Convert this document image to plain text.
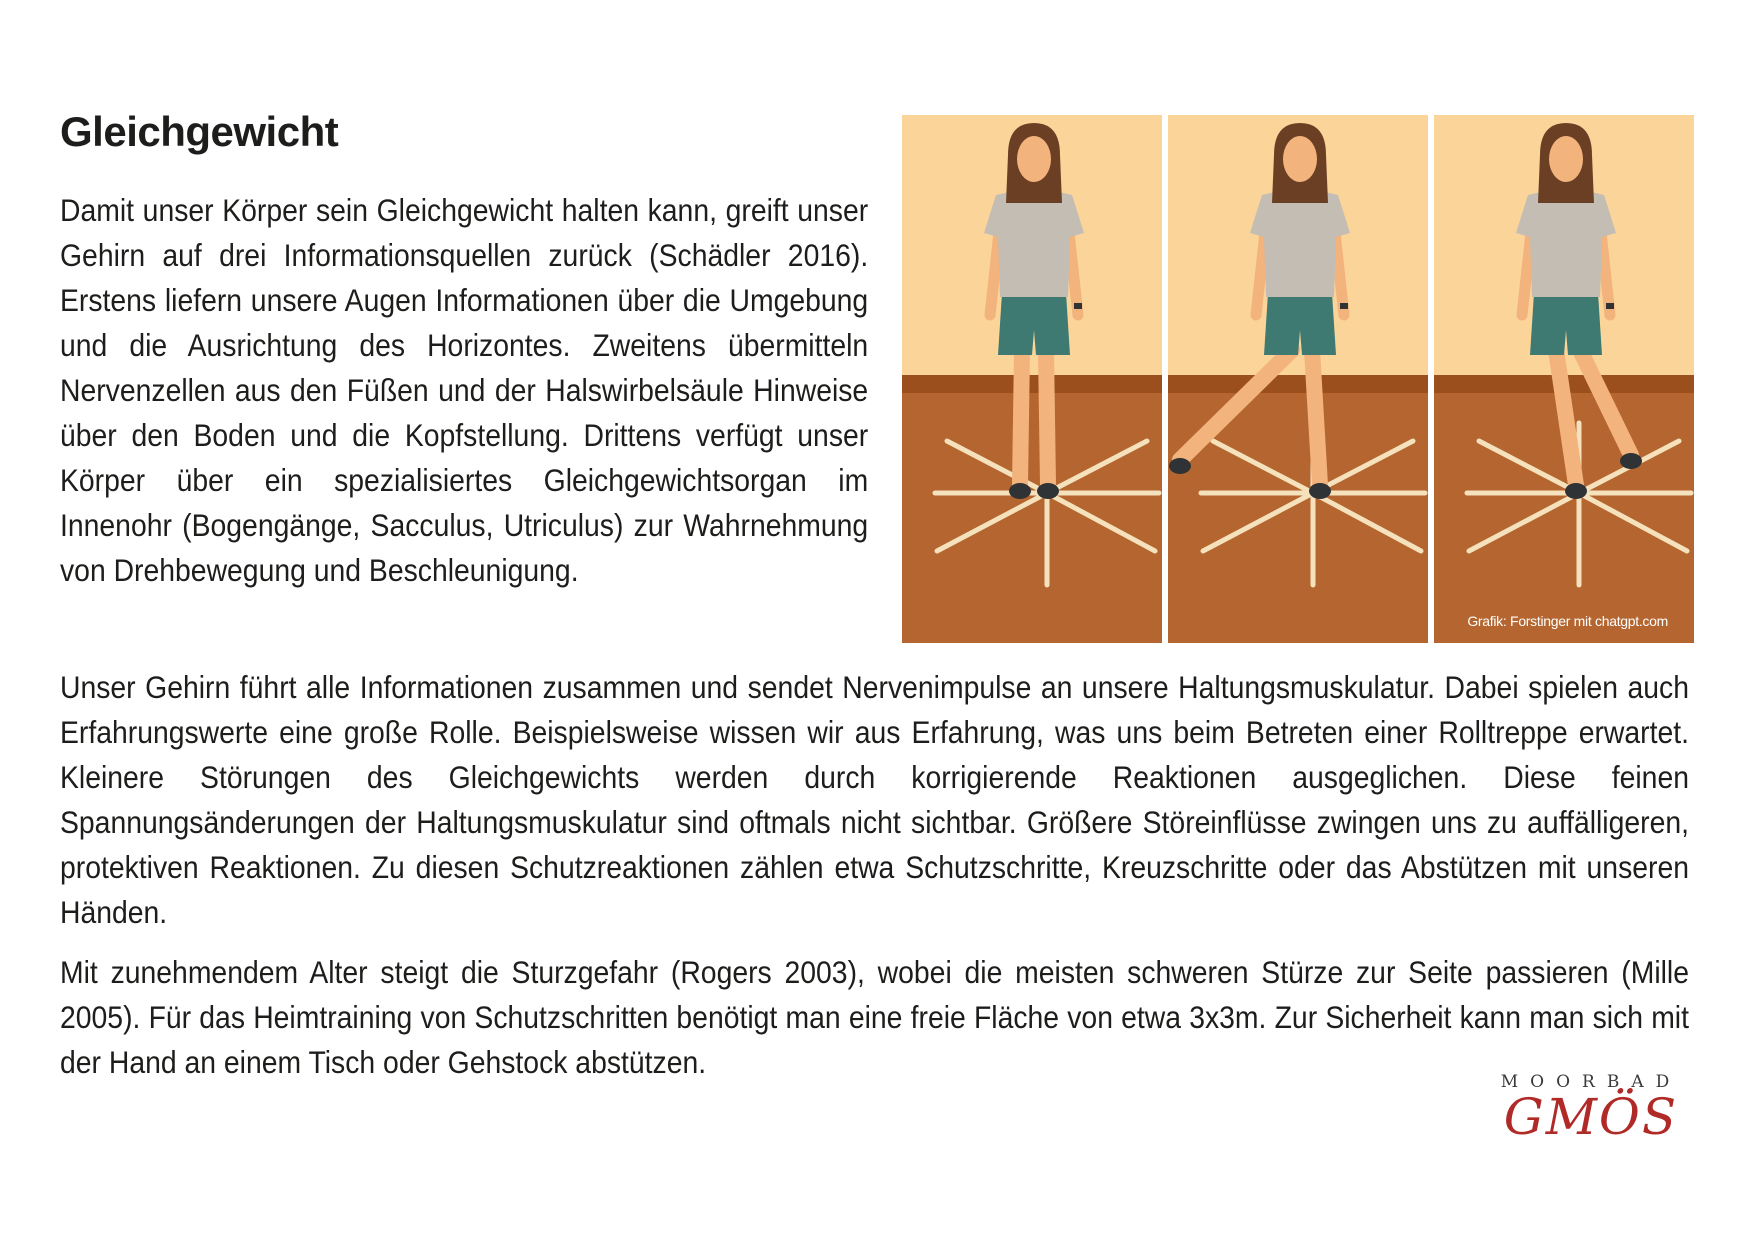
Gleichgewicht

Damit unser Körper sein Gleichgewicht halten kann, greift unser Gehirn auf drei Informationsquellen zurück (Schädler 2016). Erstens liefern unsere Augen Informationen über die Umgebung und die Ausrichtung des Horizontes. Zweitens übermitteln Nervenzellen aus den Füßen und der Halswirbelsäule Hinweise über den Boden und die Kopfstellung. Drittens verfügt unser Körper über ein spezialisiertes Gleichgewichtsorgan im Innenohr (Bogengänge, Sacculus, Utriculus) zur Wahrnehmung von Drehbewegung und Beschleunigung.

Grafik: Forstinger mit chatgpt.com

Unser Gehirn führt alle Informationen zusammen und sendet Nervenimpulse an unsere Haltungsmuskulatur. Dabei spielen auch Erfahrungswerte eine große Rolle. Beispielsweise wissen wir aus Erfahrung, was uns beim Betreten einer Rolltreppe erwartet. Kleinere Störungen des Gleichgewichts werden durch korrigierende Reaktionen ausgeglichen. Diese feinen Spannungsänderungen der Haltungsmuskulatur sind oftmals nicht sichtbar. Größere Störeinflüsse zwingen uns zu auffälligeren, protektiven Reaktionen. Zu diesen Schutzreaktionen zählen etwa Schutzschritte, Kreuzschritte oder das Abstützen mit unseren Händen.

Mit zunehmendem Alter steigt die Sturzgefahr (Rogers 2003), wobei die meisten schweren Stürze zur Seite passieren (Mille 2005). Für das Heimtraining von Schutzschritten benötigt man eine freie Fläche von etwa 3x3m. Zur Sicherheit kann man sich mit der Hand an einem Tisch oder Gehstock abstützen.

MOORBAD
GMÖS
